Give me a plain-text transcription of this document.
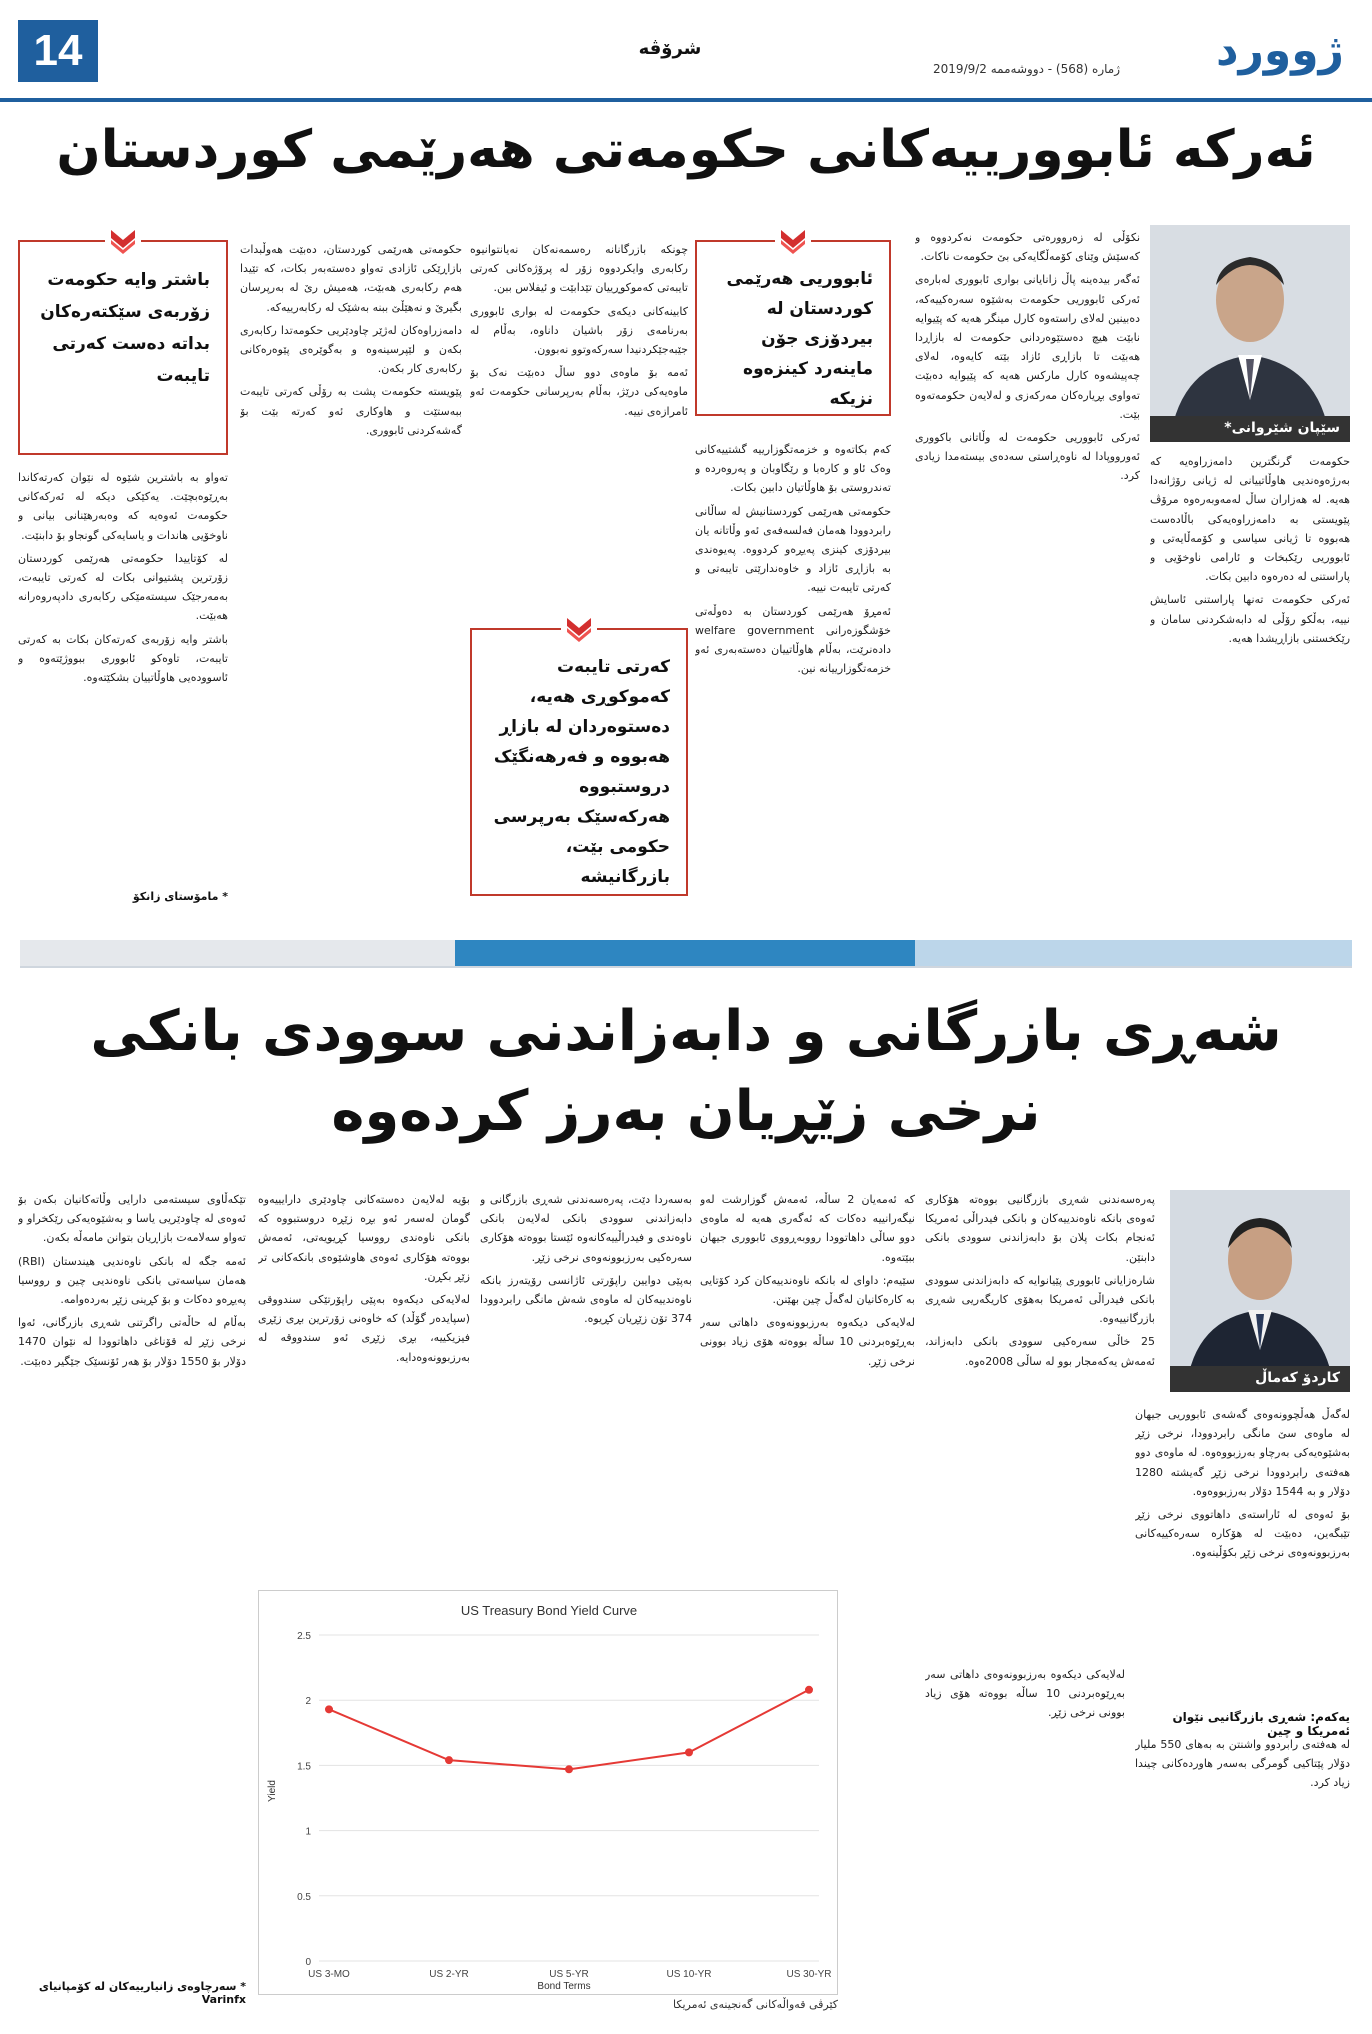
14	شرۆڤە
ژمارە (568) - دووشەممە 2019/9/2 ژوورد
ئەرکە ئابوورییەکانی حکومەتی هەرێمی کوردستان
سێپان شێروانی*
ئابووریی هەرێمی کوردستان لە بیردۆزی جۆن ماینەرد کینزەوە نزیکە
کەرتی تایبەت کەموکوڕی هەیە، دەستوەردان لە بازاڕ هەبووە و فەرهەنگێک دروستبووە هەرکەسێک بەرپرسی حکومی بێت، بازرگانیشە
باشتر وایە حکومەت زۆربەی سێکتەرەکان بداتە دەست کەرتی تایبەت

نکۆڵی لە زەروورەتی حکومەت نەکردووە و کەسێش وێنای کۆمەڵگایەکی بێ حکومەت ناکات.

ئەگەر بیدەینە پاڵ زانایانی بواری ئابووری لەبارەی ئەرکی ئابووریی حکومەت بەشێوە سەرەکییەکە، دەبینین لەلای راستەوە کارل مینگر هەیە کە پێیوایە نابێت هیچ دەستێوەردانی حکومەت لە بازاڕدا هەبێت تا بازاڕی ئازاد بێتە کایەوە، لەلای چەپیشەوە کارل مارکس هەیە کە پێیوایە دەبێت تەواوی بڕیارەکان مەرکەزی و لەلایەن حکومەتەوە بێت.

ئەرکی ئابووریی حکومەت لە وڵاتانی باکووری ئەورووپادا لە ناوەڕاستی سەدەی بیستەمدا زیادی کرد.

حکومەت گرنگترین دامەزراوەیە کە بەرژەوەندیی هاوڵاتییانی لە ژیانی رۆژانەدا هەیە. لە هەزاران ساڵ لەمەوبەرەوە مرۆڤ پێویستی بە دامەزراوەیەکی باڵادەست هەبووە تا ژیانی سیاسی و کۆمەڵایەتی و ئابووریی رێکبخات و ئارامی ناوخۆیی و پاراستنی لە دەرەوە دابین بکات.

ئەرکی حکومەت تەنها پاراستنی ئاسایش نییە، بەڵکو رۆڵی لە دابەشکردنی سامان و رێکخستنی بازاڕیشدا هەیە.

کەم بکاتەوە و خزمەتگوزارییە گشتییەکانی وەک ئاو و کارەبا و رێگاوبان و پەروەردە و تەندروستی بۆ هاوڵاتیان دابین بکات.

حکومەتی هەرێمی کوردستانیش لە ساڵانی رابردوودا هەمان فەلسەفەی ئەو وڵاتانە یان بیردۆزی کینزی پەیڕەو کردووە. پەیوەندی بە بازاڕی ئازاد و خاوەندارێتی تایبەتی و کەرتی تایبەت نییە.

ئەمڕۆ هەرێمی کوردستان بە دەوڵەتی خۆشگوزەرانی welfare government دادەنرێت، بەڵام هاوڵاتییان دەستەبەری ئەو خزمەتگوزارییانە نین.

چونکە بازرگانانە رەسمەنەکان نەیانتوانیوە رکابەری وایکردووە زۆر لە پرۆژەکانی کەرتی تایبەتی کەموکوڕییان تێدابێت و ئیفلاس ببن.

کابینەکانی دیکەی حکومەت لە بواری ئابووری بەرنامەی زۆر باشیان داناوە، بەڵام لە جێبەجێکردنیدا سەرکەوتوو نەبوون.

ئەمە بۆ ماوەی دوو ساڵ دەبێت نەک بۆ ماوەیەکی درێژ، بەڵام بەرپرسانی حکومەت ئەو ئامرازەی نییە.

حکومەتی هەرێمی کوردستان، دەبێت هەوڵبدات بازاڕێکی ئازادی تەواو دەستەبەر بکات، کە تێیدا هەم رکابەری هەبێت، هەمیش رێ لە بەرپرسان بگیرێ و نەهێڵێ ببنە بەشێک لە رکابەرییەکە.

دامەزراوەکان لەژێر چاودێریی حکومەتدا رکابەری بکەن و لێپرسینەوە و بەگوێرەی پێوەرەکانی رکابەری کار بکەن.

پێویستە حکومەت پشت بە رۆڵی کەرتی تایبەت ببەستێت و هاوکاری ئەو کەرتە بێت بۆ گەشەکردنی ئابووری.

تەواو بە باشترین شێوە لە نێوان کەرتەکاندا بەڕێوەبچێت. یەکێکی دیکە لە ئەرکەکانی حکومەت ئەوەیە کە وەبەرهێنانی بیانی و ناوخۆیی هاندات و یاسایەکی گونجاو بۆ دابنێت.

لە کۆتاییدا حکومەتی هەرێمی کوردستان زۆرترین پشتیوانی بکات لە کەرتی تایبەت، بەمەرجێک سیستەمێکی رکابەری دادپەروەرانە هەبێت.

باشتر وایە زۆربەی کەرتەکان بکات بە کەرتی تایبەت، تاوەکو ئابووری ببووژێتەوە و ئاسوودەیی هاوڵاتییان بشکێتەوە.

* مامۆستای زانکۆ
شەڕی بازرگانی و دابەزاندنی سوودی بانکی
نرخی زێڕیان بەرز کردەوە
کاردۆ کەماڵ

پەرەسەندنی شەڕی بازرگانیی بووەتە هۆکاری ئەوەی بانکە ناوەندییەکان و بانکی فیدراڵی ئەمریکا ئەنجام بکات پلان بۆ دابەزاندنی سوودی بانکی دابنێن.

شارەزایانی ئابووری پێیانوایە کە دابەزاندنی سوودی بانکی فیدراڵی ئەمریکا بەهۆی کاریگەریی شەڕی بازرگانییەوە.

25 خاڵی سەرەکیی سوودی بانکی دابەزاند، ئەمەش یەکەمجار بوو لە ساڵی 2008ەوە.

لەگەڵ هەڵچوونەوەی گەشەی ئابووریی جیهان لە ماوەی سێ مانگی رابردوودا، نرخی زێڕ بەشێوەیەکی بەرچاو بەرزبووەوە. لە ماوەی دوو هەفتەی رابردوودا نرخی زێڕ گەیشتە 1280 دۆلار و بە 1544 دۆلار بەرزبووەوە.

بۆ ئەوەی لە ئاراستەی داهاتووی نرخی زێڕ تێبگەین، دەبێت لە هۆکارە سەرەکییەکانی بەرزبوونەوەی نرخی زێڕ بکۆڵینەوە.

یەکەم: شەڕی بازرگانیی نێوان ئەمریکا و چین

لە هەفتەی رابردوو واشنتن بە بەهای 550 ملیار دۆلار پێتاکیی گومرگی بەسەر هاوردەکانی چیندا زیاد کرد.

کە ئەمەیان 2 ساڵە، ئەمەش گوزارشت لەو نیگەرانییە دەکات کە ئەگەری هەیە لە ماوەی دوو ساڵی داهاتوودا رووبەڕووی ئابووری جیهان ببێتەوە.

سێیەم: داوای لە بانکە ناوەندییەکان کرد کۆتایی بە کارەکانیان لەگەڵ چین بهێنن.

لەلایەکی دیکەوە بەرزبوونەوەی داهاتی سەر بەڕێوەبردنی 10 ساڵە بووەتە هۆی زیاد بوونی نرخی زێڕ.

لەلایەکی دیکەوە بەرزبوونەوەی داهاتی سەر بەڕێوەبردنی 10 ساڵە بووەتە هۆی زیاد بوونی نرخی زێڕ.

بەسەردا دێت، پەرەسەندنی شەڕی بازرگانی و دابەزاندنی سوودی بانکی لەلایەن بانکی ناوەندی و فیدراڵییەکانەوە ئێستا بووەتە هۆکاری سەرەکیی بەرزبوونەوەی نرخی زێڕ.

بەپێی دوایین راپۆرتی ئاژانسی رۆیتەرز بانکە ناوەندییەکان لە ماوەی شەش مانگی رابردوودا 374 تۆن زێڕیان کڕیوە.

بۆیە لەلایەن دەستەکانی چاودێری دارایییەوە گومان لەسەر ئەو بڕە زێڕە دروستبووە کە بانکی ناوەندی رووسیا کڕیویەتی، ئەمەش بووەتە هۆکاری ئەوەی هاوشێوەی بانکەکانی تر زێڕ بکڕن.

لەلایەکی دیکەوە بەپێی راپۆرتێکی سندووقی (سپایدەر گۆڵد) کە خاوەنی زۆرترین بڕی زێڕی فیزیکییە، بڕی زێڕی ئەو سندووقە لە بەرزبوونەوەدایە.

تێکەڵاوی سیستەمی دارایی وڵاتەکانیان بکەن بۆ ئەوەی لە چاودێریی یاسا و بەشێوەیەکی رێکخراو و تەواو سەلامەت بازاڕیان بتوانن مامەڵە بکەن.

ئەمە جگە لە بانکی ناوەندیی هیندستان (RBI) هەمان سیاسەتی بانکی ناوەندیی چین و رووسیا پەیڕەو دەکات و بۆ کڕینی زێڕ بەردەوامە.

بەڵام لە حاڵەتی راگرتنی شەڕی بازرگانی، ئەوا نرخی زێڕ لە قۆناغی داهاتوودا لە نێوان 1470 دۆلار بۆ 1550 دۆلار بۆ هەر ئۆنسێک جێگیر دەبێت.

* سەرچاوەی زانیارییەکان لە کۆمپانیای Varinfx
US Treasury Bond Yield Curve
Yield
Bond Terms
0
0.5
1
1.5
2
2.5
US 3-MO	US 2-YR	US 5-YR	US 10-YR	US 30-YR
کێرڤی قەواڵەکانی گەنجینەی ئەمریکا
